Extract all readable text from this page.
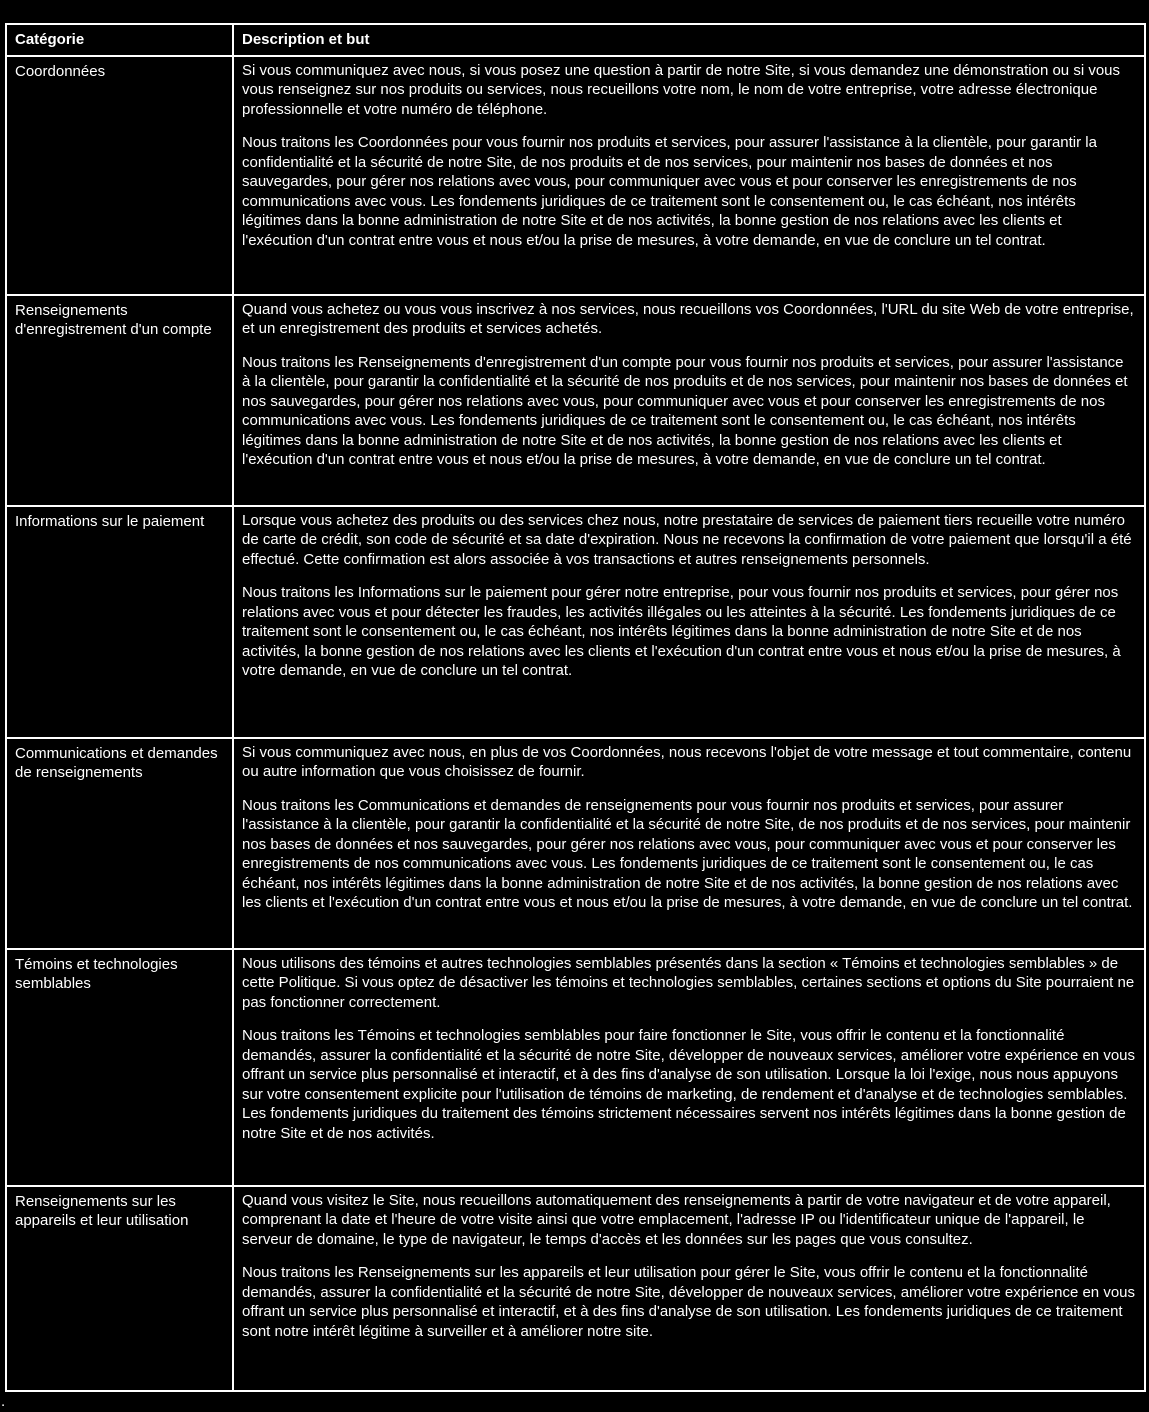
Catégorie	Description et but
Coordonnées	Si vous communiquez avec nous, si vous posez une question à partir de notre Site, si vous demandez une démonstration ou si vous vous renseignez sur nos produits ou services, nous recueillons votre nom, le nom de votre entreprise, votre adresse électronique professionnelle et votre numéro de téléphone.

Nous traitons les Coordonnées pour vous fournir nos produits et services, pour assurer l'assistance à la clientèle, pour garantir la confidentialité et la sécurité de notre Site, de nos produits et de nos services, pour maintenir nos bases de données et nos sauvegardes, pour gérer nos relations avec vous, pour communiquer avec vous et pour conserver les enregistrements de nos communications avec vous. Les fondements juridiques de ce traitement sont le consentement ou, le cas échéant, nos intérêts légitimes dans la bonne administration de notre Site et de nos activités, la bonne gestion de nos relations avec les clients et l'exécution d'un contrat entre vous et nous et/ou la prise de mesures, à votre demande, en vue de conclure un tel contrat.

Renseignements d'enregistrement d'un compte	Quand vous achetez ou vous vous inscrivez à nos services, nous recueillons vos Coordonnées, l'URL du site Web de votre entreprise, et un enregistrement des produits et services achetés.

Nous traitons les Renseignements d'enregistrement d'un compte pour vous fournir nos produits et services, pour assurer l'assistance à la clientèle, pour garantir la confidentialité et la sécurité de nos produits et de nos services, pour maintenir nos bases de données et nos sauvegardes, pour gérer nos relations avec vous, pour communiquer avec vous et pour conserver les enregistrements de nos communications avec vous. Les fondements juridiques de ce traitement sont le consentement ou, le cas échéant, nos intérêts légitimes dans la bonne administration de notre Site et de nos activités, la bonne gestion de nos relations avec les clients et l'exécution d'un contrat entre vous et nous et/ou la prise de mesures, à votre demande, en vue de conclure un tel contrat.

Informations sur le paiement	Lorsque vous achetez des produits ou des services chez nous, notre prestataire de services de paiement tiers recueille votre numéro de carte de crédit, son code de sécurité et sa date d'expiration. Nous ne recevons la confirmation de votre paiement que lorsqu'il a été effectué. Cette confirmation est alors associée à vos transactions et autres renseignements personnels.

Nous traitons les Informations sur le paiement pour gérer notre entreprise, pour vous fournir nos produits et services, pour gérer nos relations avec vous et pour détecter les fraudes, les activités illégales ou les atteintes à la sécurité. Les fondements juridiques de ce traitement sont le consentement ou, le cas échéant, nos intérêts légitimes dans la bonne administration de notre Site et de nos activités, la bonne gestion de nos relations avec les clients et l'exécution d'un contrat entre vous et nous et/ou la prise de mesures, à votre demande, en vue de conclure un tel contrat.

Communications et demandes de renseignements	Si vous communiquez avec nous, en plus de vos Coordonnées, nous recevons l'objet de votre message et tout commentaire, contenu ou autre information que vous choisissez de fournir.

Nous traitons les Communications et demandes de renseignements pour vous fournir nos produits et services, pour assurer l'assistance à la clientèle, pour garantir la confidentialité et la sécurité de notre Site, de nos produits et de nos services, pour maintenir nos bases de données et nos sauvegardes, pour gérer nos relations avec vous, pour communiquer avec vous et pour conserver les enregistrements de nos communications avec vous. Les fondements juridiques de ce traitement sont le consentement ou, le cas échéant, nos intérêts légitimes dans la bonne administration de notre Site et de nos activités, la bonne gestion de nos relations avec les clients et l'exécution d'un contrat entre vous et nous et/ou la prise de mesures, à votre demande, en vue de conclure un tel contrat.

Témoins et technologies semblables	Nous utilisons des témoins et autres technologies semblables présentés dans la section « Témoins et technologies semblables » de cette Politique. Si vous optez de désactiver les témoins et technologies semblables, certaines sections et options du Site pourraient ne pas fonctionner correctement.

Nous traitons les Témoins et technologies semblables pour faire fonctionner le Site, vous offrir le contenu et la fonctionnalité demandés, assurer la confidentialité et la sécurité de notre Site, développer de nouveaux services, améliorer votre expérience en vous offrant un service plus personnalisé et interactif, et à des fins d'analyse de son utilisation. Lorsque la loi l'exige, nous nous appuyons sur votre consentement explicite pour l'utilisation de témoins de marketing, de rendement et d'analyse et de technologies semblables. Les fondements juridiques du traitement des témoins strictement nécessaires servent nos intérêts légitimes dans la bonne gestion de notre Site et de nos activités.

Renseignements sur les appareils et leur utilisation	Quand vous visitez le Site, nous recueillons automatiquement des renseignements à partir de votre navigateur et de votre appareil, comprenant la date et l'heure de votre visite ainsi que votre emplacement, l'adresse IP ou l'identificateur unique de l'appareil, le serveur de domaine, le type de navigateur, le temps d'accès et les données sur les pages que vous consultez.

Nous traitons les Renseignements sur les appareils et leur utilisation pour gérer le Site, vous offrir le contenu et la fonctionnalité demandés, assurer la confidentialité et la sécurité de notre Site, développer de nouveaux services, améliorer votre expérience en vous offrant un service plus personnalisé et interactif, et à des fins d'analyse de son utilisation. Les fondements juridiques de ce traitement sont notre intérêt légitime à surveiller et à améliorer notre site.

.
